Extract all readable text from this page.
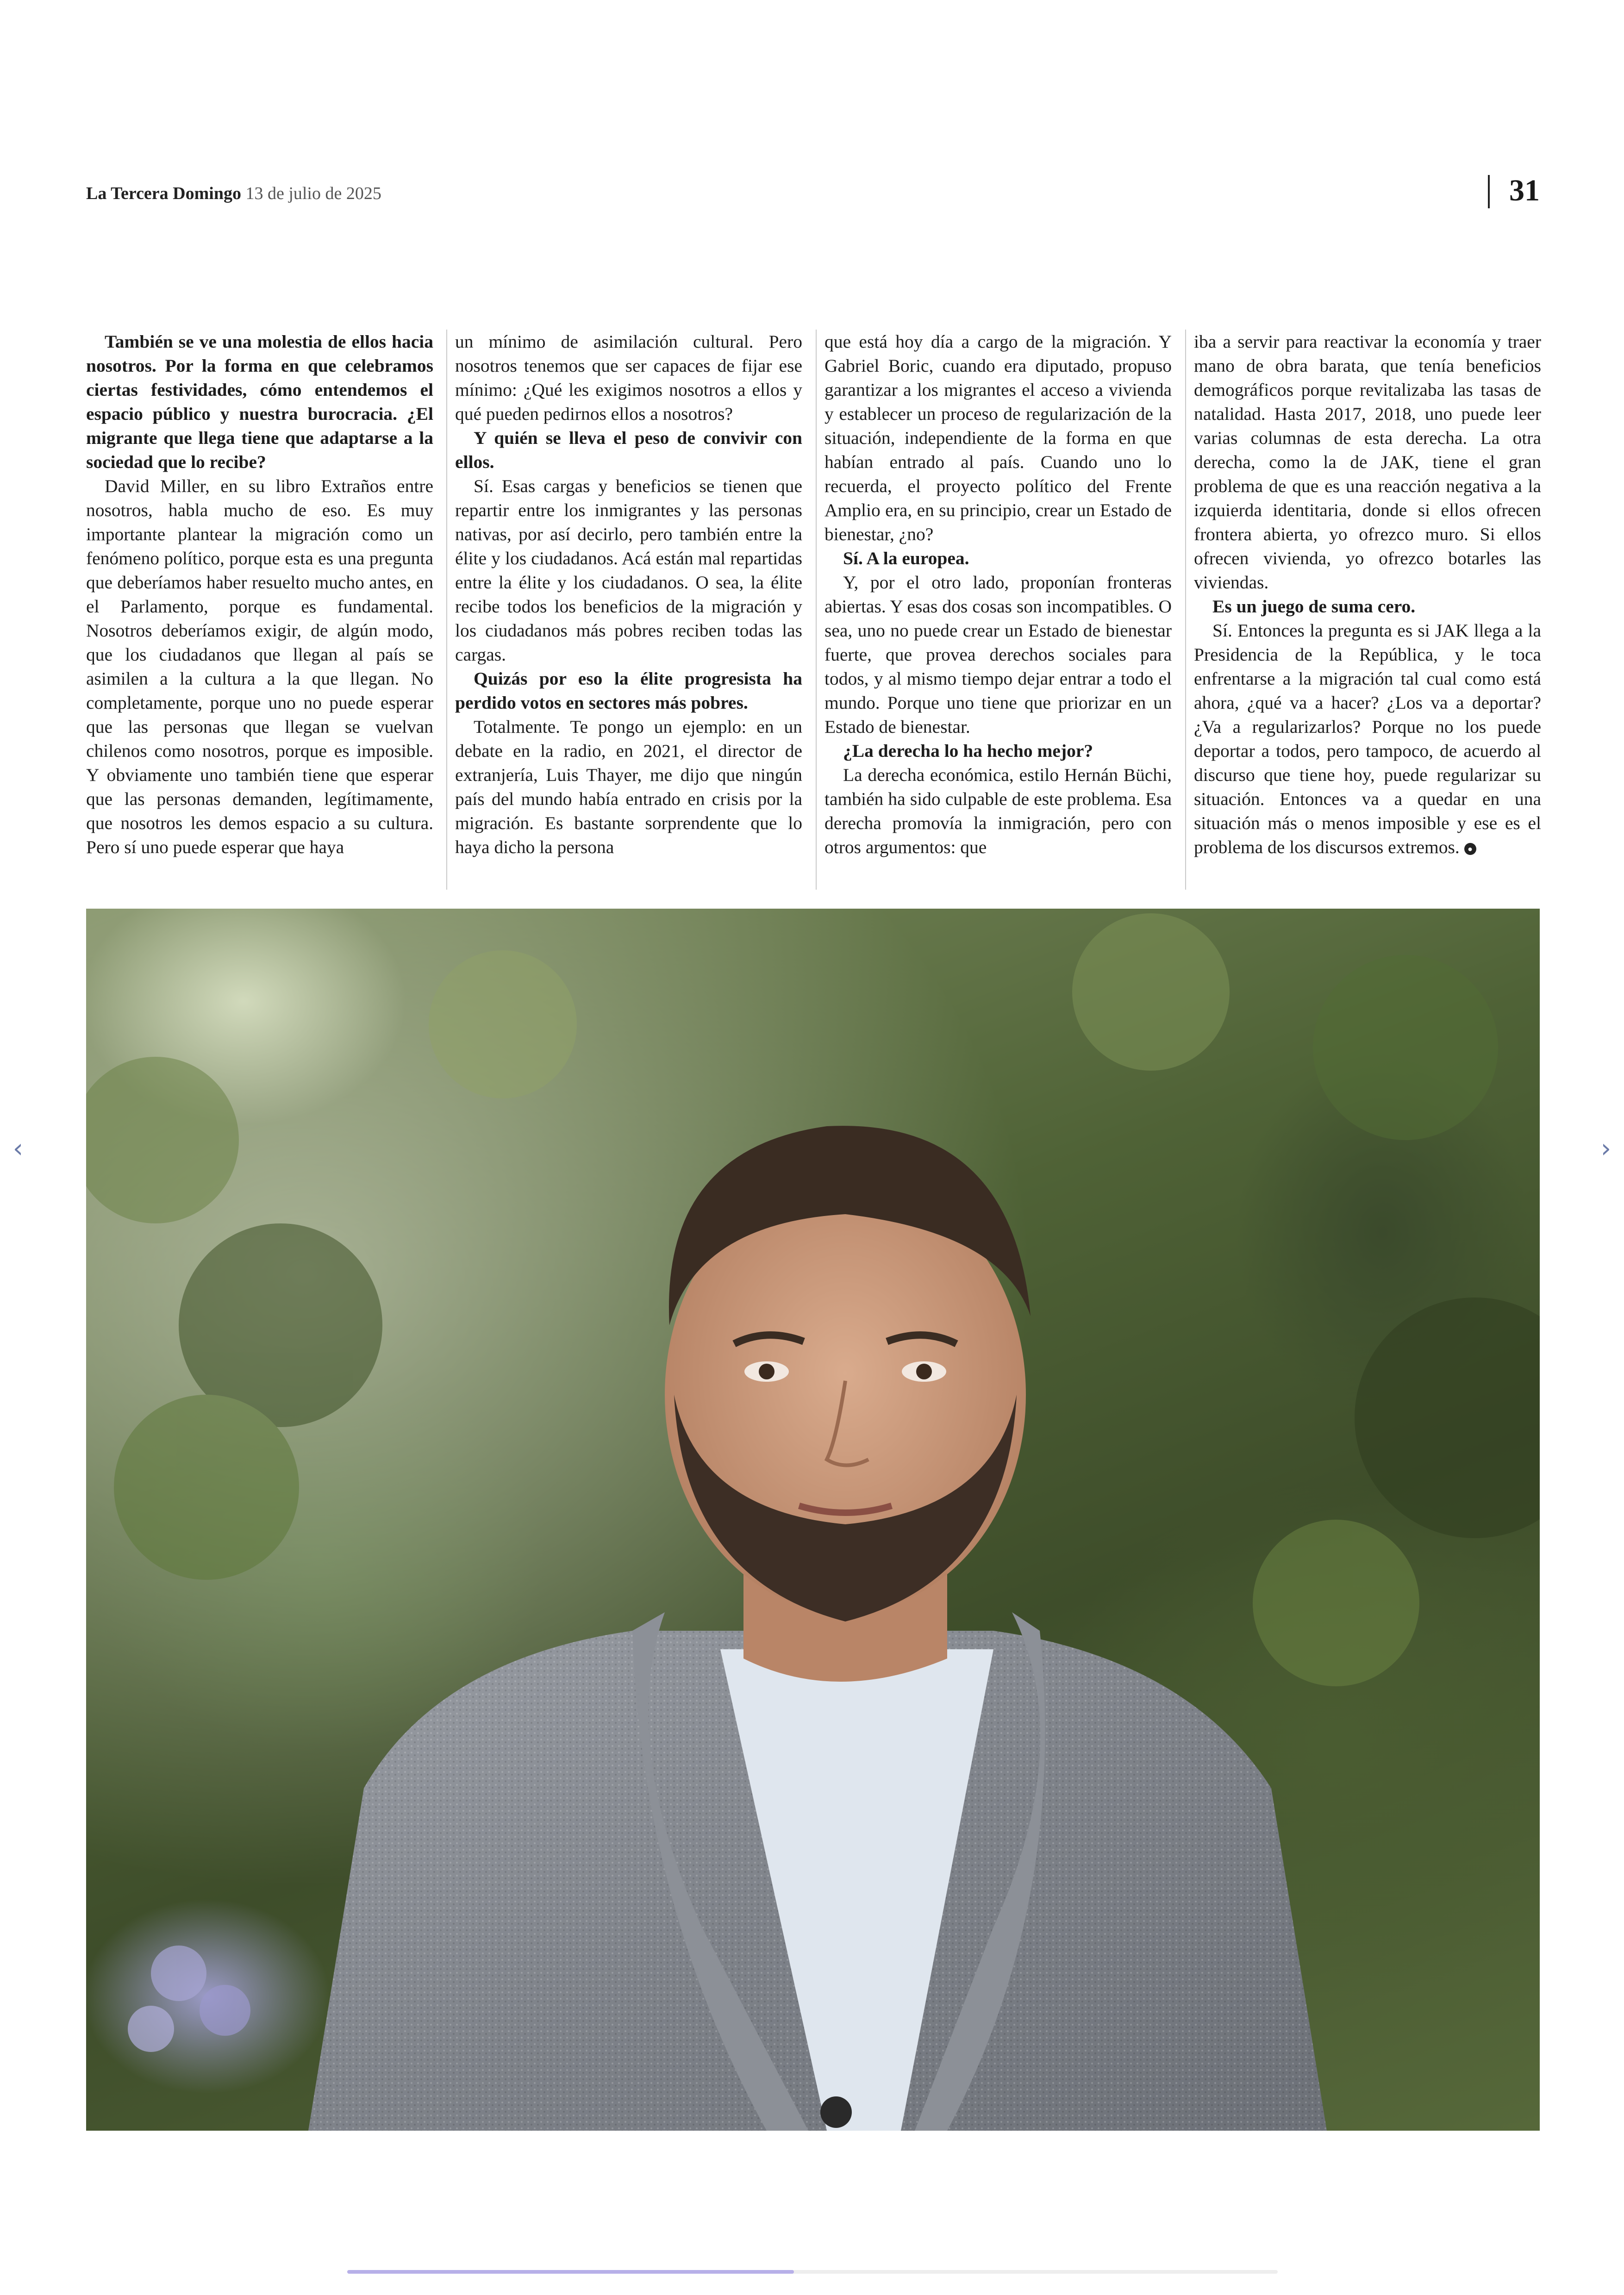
La Tercera Domingo 13 de julio de 2025	31

También se ve una molestia de ellos hacia nosotros. Por la forma en que celebramos ciertas festividades, cómo entendemos el espacio público y nuestra burocracia. ¿El migrante que llega tiene que adaptarse a la sociedad que lo recibe?

David Miller, en su libro Extraños entre nosotros, habla mucho de eso. Es muy importante plantear la migración como un fenómeno político, porque esta es una pregunta que deberíamos haber resuelto mucho antes, en el Parlamento, porque es fundamental. Nosotros deberíamos exigir, de algún modo, que los ciudadanos que llegan al país se asimilen a la cultura a la que llegan. No completamente, porque uno no puede esperar que las personas que llegan se vuelvan chilenos como nosotros, porque es imposible. Y obviamente uno también tiene que esperar que las personas demanden, legítimamente, que nosotros les demos espacio a su cultura. Pero sí uno puede esperar que haya

un mínimo de asimilación cultural. Pero nosotros tenemos que ser capaces de fijar ese mínimo: ¿Qué les exigimos nosotros a ellos y qué pueden pedirnos ellos a nosotros?

Y quién se lleva el peso de convivir con ellos.

Sí. Esas cargas y beneficios se tienen que repartir entre los inmigrantes y las personas nativas, por así decirlo, pero también entre la élite y los ciudadanos. Acá están mal repartidas entre la élite y los ciudadanos. O sea, la élite recibe todos los beneficios de la migración y los ciudadanos más pobres reciben todas las cargas.

Quizás por eso la élite progresista ha perdido votos en sectores más pobres.

Totalmente. Te pongo un ejemplo: en un debate en la radio, en 2021, el director de extranjería, Luis Thayer, me dijo que ningún país del mundo había entrado en crisis por la migración. Es bastante sorprendente que lo haya dicho la persona

que está hoy día a cargo de la migración. Y Gabriel Boric, cuando era diputado, propuso garantizar a los migrantes el acceso a vivienda y establecer un proceso de regularización de la situación, independiente de la forma en que habían entrado al país. Cuando uno lo recuerda, el proyecto político del Frente Amplio era, en su principio, crear un Estado de bienestar, ¿no?

Sí. A la europea.

Y, por el otro lado, proponían fronteras abiertas. Y esas dos cosas son incompatibles. O sea, uno no puede crear un Estado de bienestar fuerte, que provea derechos sociales para todos, y al mismo tiempo dejar entrar a todo el mundo. Porque uno tiene que priorizar en un Estado de bienestar.

¿La derecha lo ha hecho mejor?

La derecha económica, estilo Hernán Büchi, también ha sido culpable de este problema. Esa derecha promovía la inmigración, pero con otros argumentos: que

iba a servir para reactivar la economía y traer mano de obra barata, que tenía beneficios demográficos porque revitalizaba las tasas de natalidad. Hasta 2017, 2018, uno puede leer varias columnas de esta derecha. La otra derecha, como la de JAK, tiene el gran problema de que es una reacción negativa a la izquierda identitaria, donde si ellos ofrecen frontera abierta, yo ofrezco muro. Si ellos ofrecen vivienda, yo ofrezco botarles las viviendas.

Es un juego de suma cero.

Sí. Entonces la pregunta es si JAK llega a la Presidencia de la República, y le toca enfrentarse a la migración tal cual como está ahora, ¿qué va a hacer? ¿Los va a deportar? ¿Va a regularizarlos? Porque no los puede deportar a todos, pero tampoco, de acuerdo al discurso que tiene hoy, puede regularizar su situación. Entonces va a quedar en una situación más o menos imposible y ese es el problema de los discursos extremos. ●

‹	›
